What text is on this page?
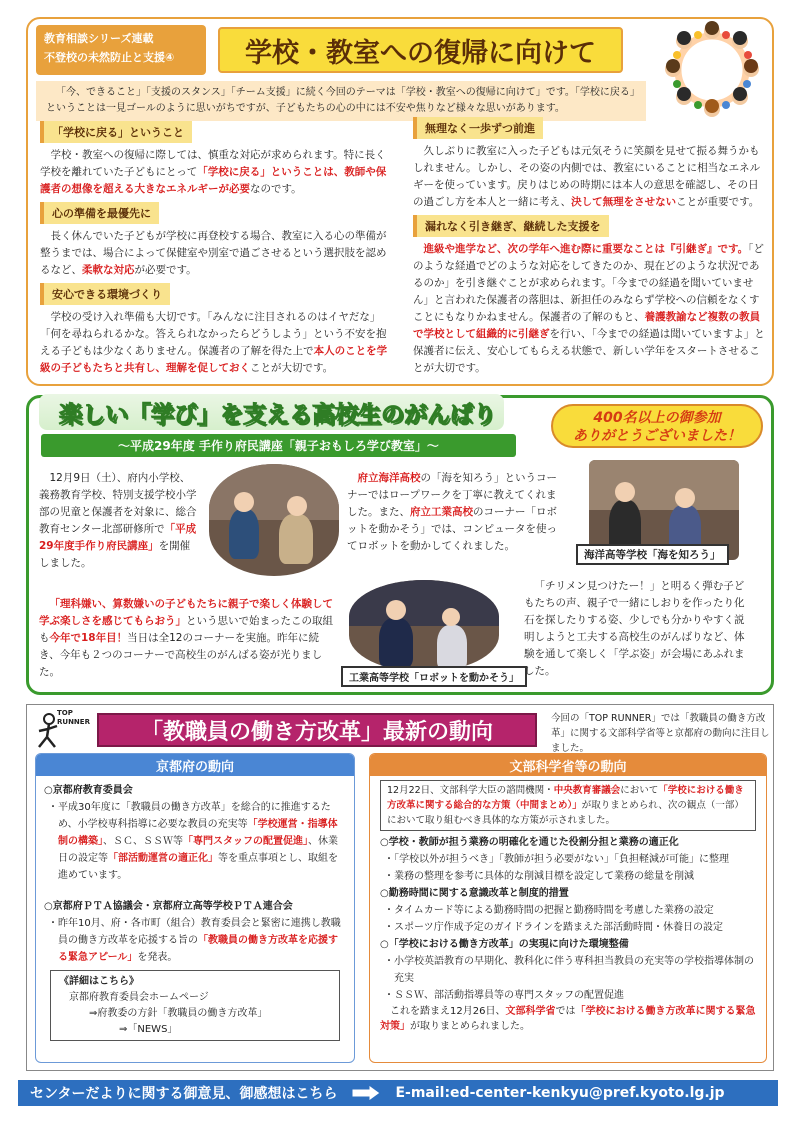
教育相談シリーズ連載
不登校の未然防止と支援④	学校・教室への復帰に向けて
「今、できること」「支援のスタンス」「チーム支援」に続く今回のテーマは「学校・教室への復帰に向けて」です。「学校に戻る」ということは一見ゴールのように思いがちですが、子どもたちの心の中には不安や焦りなど様々な思いがあります。
「学校に戻る」ということ

学校・教室への復帰に際しては、慎重な対応が求められます。特に長く学校を離れていた子どもにとって「学校に戻る」ということは、教師や保護者の想像を超える大きなエネルギーが必要なのです。

心の準備を最優先に

長く休んでいた子どもが学校に再登校する場合、教室に入る心の準備が整うまでは、場合によって保健室や別室で過ごさせるという選択肢を認めるなど、柔軟な対応が必要です。

安心できる環境づくり

学校の受け入れ準備も大切です。「みんなに注目されるのはイヤだな」「何を尋ねられるかな。答えられなかったらどうしよう」という不安を抱える子どもは少なくありません。保護者の了解を得た上で本人のことを学級の子どもたちと共有し、理解を促しておくことが大切です。

無理なく一歩ずつ前進

久しぶりに教室に入った子どもは元気そうに笑顔を見せて振る舞うかもしれません。しかし、その姿の内側では、教室にいることに相当なエネルギーを使っています。戻りはじめの時期には本人の意思を確認し、その日の過ごし方を本人と一緒に考え、決して無理をさせないことが重要です。

漏れなく引き継ぎ、継続した支援を

進級や進学など、次の学年へ進む際に重要なことは『引継ぎ』です。「どのような経過でどのような対応をしてきたのか、現在どのような状況であるのか」を引き継ぐことが求められます。「今までの経過を聞いていません」と言われた保護者の落胆は、新担任のみならず学校への信頼をなくすことにもなりかねません。保護者の了解のもと、養護教諭など複数の教員で学校として組織的に引継ぎを行い、「今までの経過は聞いていますよ」と保護者に伝え、安心してもらえる状態で、新しい学年をスタートさせることが大切です。

楽しい「学び」を支える高校生のがんばり
～平成29年度 手作り府民講座「親子おもしろ学び教室」～
400名以上の御参加
ありがとうございました！
12月9日（土）、府内小学校、義務教育学校、特別支援学校小学部の児童と保護者を対象に、総合教育センター北部研修所で「平成29年度手作り府民講座」を開催しました。
「理科嫌い、算数嫌いの子どもたちに親子で楽しく体験して学ぶ楽しさを感じてもらおう」という思いで始まったこの取組も今年で18年目！当日は全12のコーナーを実施。昨年に続き、今年も２つのコーナーで高校生のがんばる姿が光りました。
府立海洋高校の「海を知ろう」というコーナーではロープワークを丁寧に教えてくれました。また、府立工業高校のコーナー「ロボットを動かそう」では、コンピュータを使ってロボットを動かしてくれました。
海洋高等学校「海を知ろう」
工業高等学校「ロボットを動かそう」
「チリメン見つけたー！」と明るく弾む子どもたちの声、親子で一緒にしおりを作ったり化石を探したりする姿、少しでも分かりやすく説明しようと工夫する高校生のがんばりなど、体験を通して楽しく「学ぶ姿」が会場にあふれました。
TOP
RUNNER	「教職員の働き方改革」最新の動向
今回の「TOP RUNNER」では「教職員の働き方改革」に関する文部科学省等と京都府の動向に注目しました。
京都府の動向
○京都府教育委員会
・平成30年度に「教職員の働き方改革」を総合的に推進するため、小学校専科指導に必要な教員の充実等「学校運営・指導体制の構築」、ＳＣ、ＳＳＷ等「専門スタッフの配置促進」、休業日の設定等「部活動運営の適正化」等を重点事項とし、取組を進めています。
○京都府ＰＴＡ協議会・京都府立高等学校ＰＴＡ連合会
・昨年10月、府・各市町（組合）教育委員会と緊密に連携し教職員の働き方改革を応援する旨の「教職員の働き方改革を応援する緊急アピール」を発表。
《詳細はこちら》
京都府教育委員会ホームページ
⇒府教委の方針「教職員の働き方改革」
⇒「NEWS」
文部科学省等の動向
12月22日、文部科学大臣の諮問機関・中央教育審議会において「学校における働き方改革に関する総合的な方策（中間まとめ）」が取りまとめられ、次の観点（一部）において取り組むべき具体的な方策が示されました。
○学校・教師が担う業務の明確化を通じた役割分担と業務の適正化
・「学校以外が担うべき」「教師が担う必要がない」「負担軽減が可能」に整理
・業務の整理を参考に具体的な削減目標を設定して業務の総量を削減
○勤務時間に関する意識改革と制度的措置
・タイムカード等による勤務時間の把握と勤務時間を考慮した業務の設定
・スポーツ庁作成予定のガイドラインを踏まえた部活動時間・休養日の設定
○「学校における働き方改革」の実現に向けた環境整備
・小学校英語教育の早期化、教科化に伴う専科担当教員の充実等の学校指導体制の充実
・ＳＳＷ、部活動指導員等の専門スタッフの配置促進
これを踏まえ12月26日、文部科学省では「学校における働き方改革に関する緊急対策」が取りまとめられました。
センターだよりに関する御意見、御感想はこちら	E-mail:ed-center-kenkyu@pref.kyoto.lg.jp
